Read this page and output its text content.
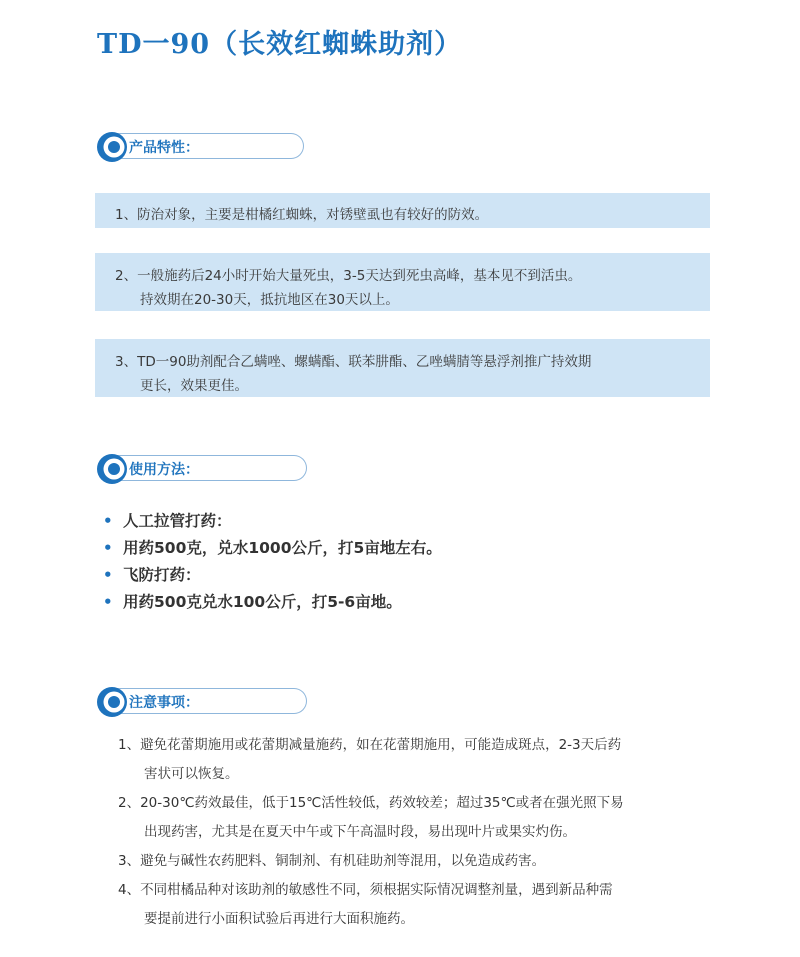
TD一90（长效红蜘蛛助剂）
产品特性：
1、防治对象，主要是柑橘红蜘蛛，对锈壁虱也有较好的防效。
2、一般施药后24小时开始大量死虫，3-5天达到死虫高峰，基本见不到活虫。
持效期在20-30天，抵抗地区在30天以上。
3、TD一90助剂配合乙螨唑、螺螨酯、联苯肼酯、乙唑螨腈等悬浮剂推广持效期
更长，效果更佳。
使用方法：
• 人工拉管打药：
• 用药500克，兑水1000公斤，打5亩地左右。
• 飞防打药：
• 用药500克兑水100公斤，打5-6亩地。
注意事项：
1、避免花蕾期施用或花蕾期减量施药，如在花蕾期施用，可能造成斑点，2-3天后药
害状可以恢复。
2、20-30℃药效最佳，低于15℃活性较低，药效较差；超过35℃或者在强光照下易
出现药害，尤其是在夏天中午或下午高温时段，易出现叶片或果实灼伤。
3、避免与碱性农药肥料、铜制剂、有机硅助剂等混用，以免造成药害。
4、不同柑橘品种对该助剂的敏感性不同，须根据实际情况调整剂量，遇到新品种需
要提前进行小面积试验后再进行大面积施药。
